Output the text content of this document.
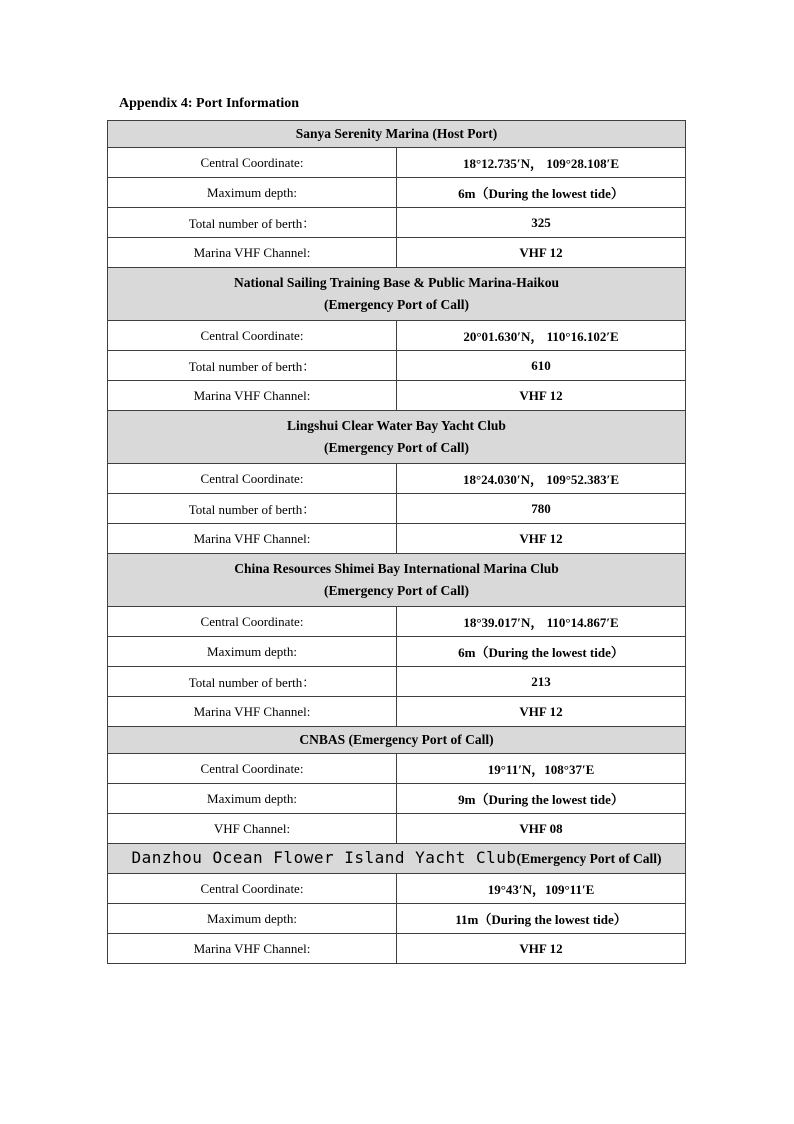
Appendix 4: Port Information
Sanya Serenity Marina (Host Port)	

Central Coordinate:	18°12.735′N， 109°28.108′E
Maximum depth:	6m（During the lowest tide）
Total number of berth：	325
Marina VHF Channel:	VHF 12

National Sailing Training Base & Public Marina-Haikou
(Emergency Port of Call)	

Central Coordinate:	20°01.630′N， 110°16.102′E
Total number of berth：	610
Marina VHF Channel:	VHF 12

Lingshui Clear Water Bay Yacht Club
(Emergency Port of Call)	

Central Coordinate:	18°24.030′N， 109°52.383′E
Total number of berth：	780
Marina VHF Channel:	VHF 12

China Resources Shimei Bay International Marina Club
(Emergency Port of Call)	

Central Coordinate:	18°39.017′N， 110°14.867′E
Maximum depth:	6m（During the lowest tide）
Total number of berth：	213
Marina VHF Channel:	VHF 12

CNBAS (Emergency Port of Call)	

Central Coordinate:	19°11′N，108°37′E
Maximum depth:	9m（During the lowest tide）
VHF Channel:	VHF 08

Danzhou Ocean Flower Island Yacht Club(Emergency Port of Call)	

Central Coordinate:	19°43′N，109°11′E
Maximum depth:	11m（During the lowest tide）
Marina VHF Channel:	VHF 12
